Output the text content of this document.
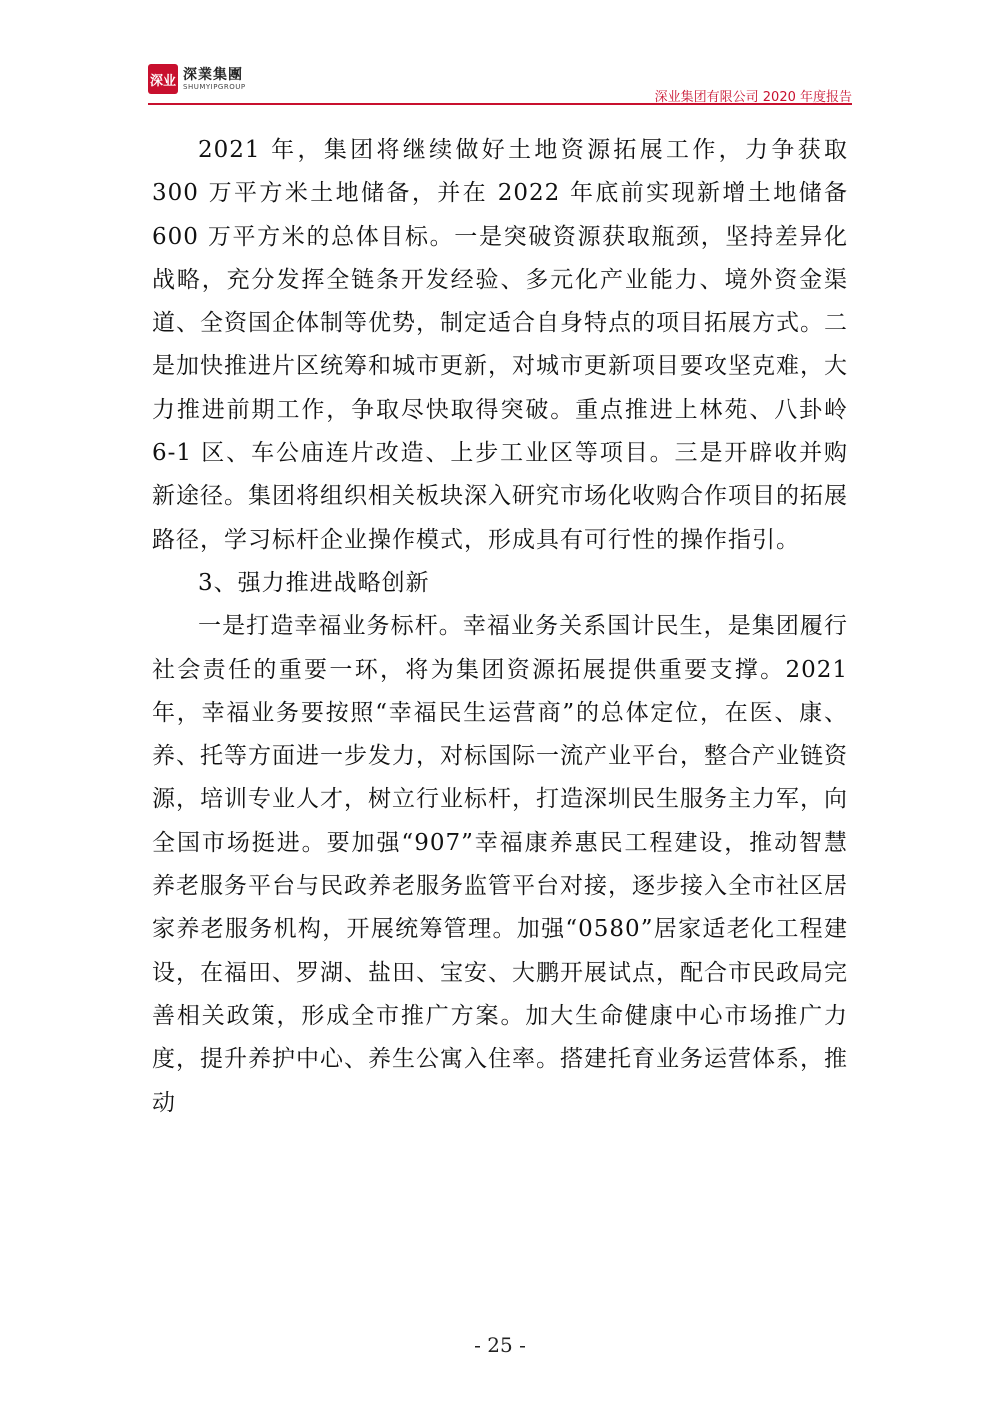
深业 深業集團
SHUMYIPGROUP
深业集团有限公司 2020 年度报告

2021 年，集团将继续做好土地资源拓展工作，力争获取 300 万平方米土地储备，并在 2022 年底前实现新增土地储备 600 万平方米的总体目标。一是突破资源获取瓶颈，坚持差异化战略，充分发挥全链条开发经验、多元化产业能力、境外资金渠道、全资国企体制等优势，制定适合自身特点的项目拓展方式。二是加快推进片区统筹和城市更新，对城市更新项目要攻坚克难，大力推进前期工作，争取尽快取得突破。重点推进上林苑、八卦岭 6-1 区、车公庙连片改造、上步工业区等项目。三是开辟收并购新途径。集团将组织相关板块深入研究市场化收购合作项目的拓展路径，学习标杆企业操作模式，形成具有可行性的操作指引。

3、强力推进战略创新

一是打造幸福业务标杆。幸福业务关系国计民生，是集团履行社会责任的重要一环，将为集团资源拓展提供重要支撑。2021 年，幸福业务要按照“幸福民生运营商”的总体定位，在医、康、养、托等方面进一步发力，对标国际一流产业平台，整合产业链资源，培训专业人才，树立行业标杆，打造深圳民生服务主力军，向全国市场挺进。要加强“907”幸福康养惠民工程建设，推动智慧养老服务平台与民政养老服务监管平台对接，逐步接入全市社区居家养老服务机构，开展统筹管理。加强“0580”居家适老化工程建设，在福田、罗湖、盐田、宝安、大鹏开展试点，配合市民政局完善相关政策，形成全市推广方案。加大生命健康中心市场推广力度，提升养护中心、养生公寓入住率。搭建托育业务运营体系，推动

- 25 -
